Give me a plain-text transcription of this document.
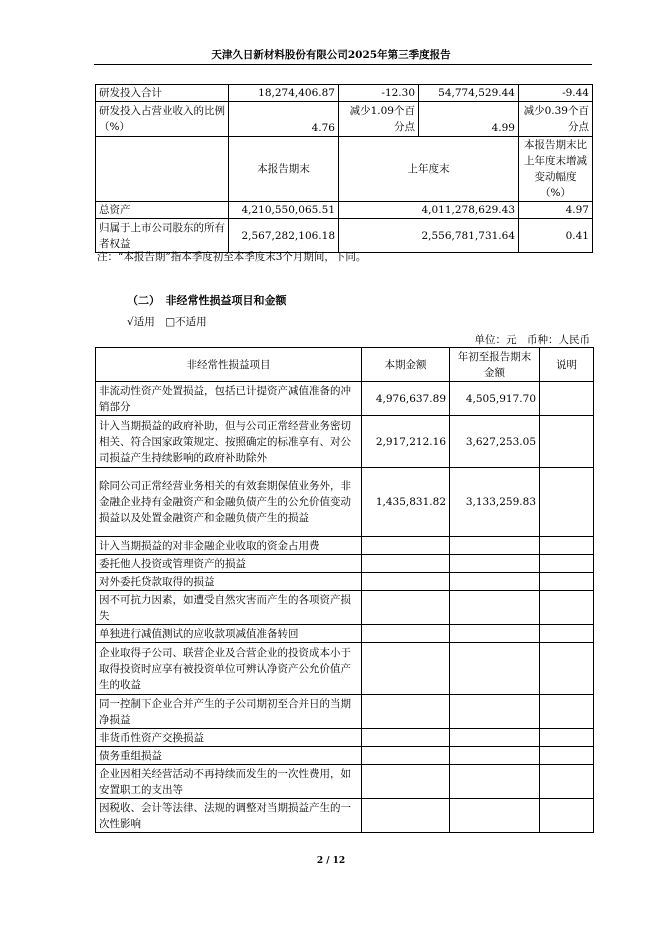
天津久日新材料股份有限公司2025年第三季度报告
研发投入合计	18,274,406.87	-12.30	54,774,529.44	-9.44
研发投入占营业收入的比例（%）	4.76	减少1.09个百分点	4.99	减少0.39个百分点
	本报告期末	上年度末		本报告期末比上年度末增减变动幅度（%）
总资产	4,210,550,065.51	4,011,278,629.43		4.97
归属于上市公司股东的所有者权益	2,567,282,106.18	2,556,781,731.64		0.41
注：“本报告期”指本季度初至本季度末3个月期间，下同。
（二）　非经常性损益项目和金额
√适用　□不适用
单位：元　币种：人民币
非经常性损益项目	本期金额	年初至报告期末金额	说明
非流动性资产处置损益，包括已计提资产减值准备的冲销部分	4,976,637.89	4,505,917.70	
计入当期损益的政府补助，但与公司正常经营业务密切相关、符合国家政策规定、按照确定的标准享有、对公司损益产生持续影响的政府补助除外	2,917,212.16	3,627,253.05	
除同公司正常经营业务相关的有效套期保值业务外，非金融企业持有金融资产和金融负债产生的公允价值变动损益以及处置金融资产和金融负债产生的损益	1,435,831.82	3,133,259.83	
计入当期损益的对非金融企业收取的资金占用费			
委托他人投资或管理资产的损益			
对外委托贷款取得的损益			
因不可抗力因素，如遭受自然灾害而产生的各项资产损失			
单独进行减值测试的应收款项减值准备转回			
企业取得子公司、联营企业及合营企业的投资成本小于取得投资时应享有被投资单位可辨认净资产公允价值产生的收益			
同一控制下企业合并产生的子公司期初至合并日的当期净损益			
非货币性资产交换损益			
债务重组损益			
企业因相关经营活动不再持续而发生的一次性费用，如安置职工的支出等			
因税收、会计等法律、法规的调整对当期损益产生的一次性影响			
2 / 12
